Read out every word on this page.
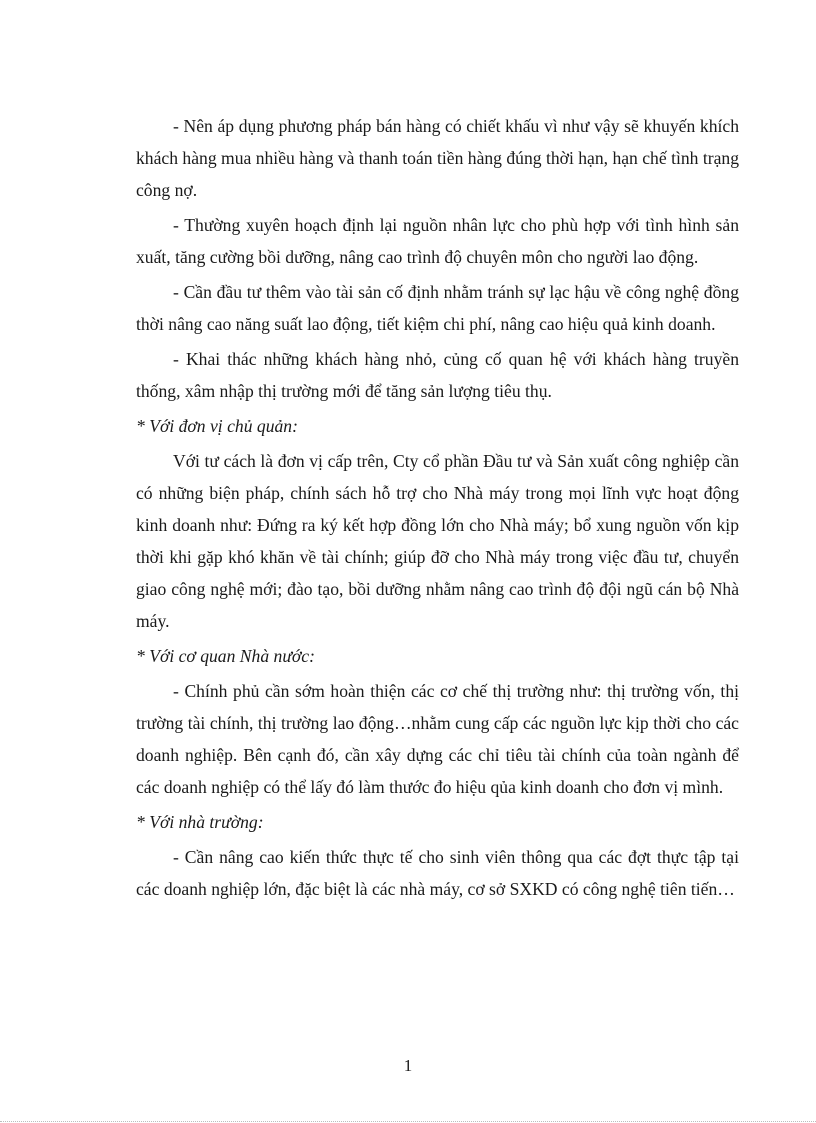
- Nên áp dụng phương pháp bán hàng có chiết khấu vì như vậy sẽ khuyến khích khách hàng mua nhiều hàng và thanh toán tiền hàng đúng thời hạn, hạn chế tình trạng công nợ.

- Thường xuyên hoạch định lại nguồn nhân lực cho phù hợp với tình hình sản xuất, tăng cường bồi dưỡng, nâng cao trình độ chuyên môn cho người lao động.

- Cần đầu tư thêm vào tài sản cố định nhằm tránh sự lạc hậu về công nghệ đồng thời nâng cao năng suất lao động, tiết kiệm chi phí, nâng cao hiệu quả kinh doanh.

- Khai thác những khách hàng nhỏ, củng cố quan hệ với khách hàng truyền thống, xâm nhập thị trường mới để tăng sản lượng tiêu thụ.

* Với đơn vị chủ quản:

Với tư cách là đơn vị cấp trên, Cty cổ phần Đầu tư và Sản xuất công nghiệp cần có những biện pháp, chính sách hỗ trợ cho Nhà máy trong mọi lĩnh vực hoạt động kinh doanh như: Đứng ra ký kết hợp đồng lớn cho Nhà máy; bổ xung nguồn vốn kịp thời khi gặp khó khăn về tài chính; giúp đỡ cho Nhà máy trong việc đầu tư, chuyển giao công nghệ mới; đào tạo, bồi dưỡng nhằm nâng cao trình độ đội ngũ cán bộ Nhà máy.

* Với cơ quan Nhà nước:

- Chính phủ cần sớm hoàn thiện các cơ chế thị trường như: thị trường vốn, thị trường tài chính, thị trường lao động…nhằm cung cấp các nguồn lực kịp thời cho các doanh nghiệp. Bên cạnh đó, cần xây dựng các chỉ tiêu tài chính của toàn ngành để các doanh nghiệp có thể lấy đó làm thước đo hiệu qủa kinh doanh cho đơn vị mình.

* Với nhà trường:

- Cần nâng cao kiến thức thực tế cho sinh viên thông qua các đợt thực tập tại các doanh nghiệp lớn, đặc biệt là các nhà máy, cơ sở SXKD có công nghệ tiên tiến…

1
